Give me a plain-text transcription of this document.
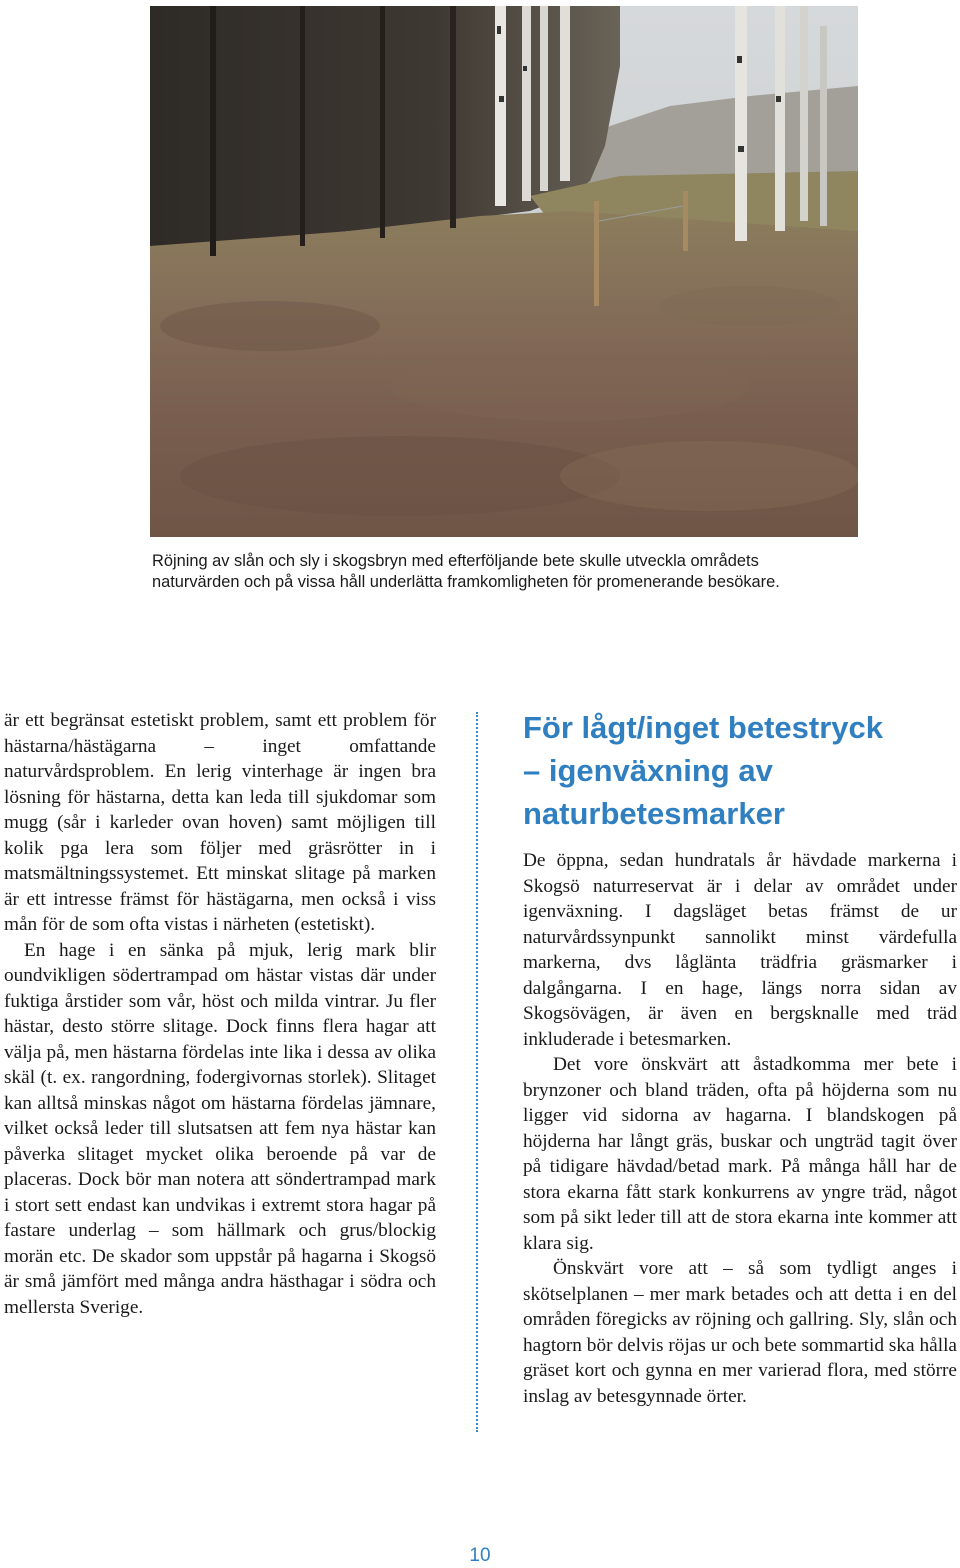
Röjning av slån och sly i skogsbryn med efterföljande bete skulle utveckla områdets

naturvärden och på vissa håll underlätta framkomligheten för promenerande besökare.

är ett begränsat estetiskt problem, samt ett problem för hästarna/hästägarna – inget omfattande naturvårdsproblem. En lerig vinterhage är ingen bra lösning för hästarna, detta kan leda till sjukdomar som mugg (sår i karleder ovan hoven) samt möjligen till kolik pga lera som följer med gräsrötter in i matsmältningssystemet. Ett minskat slitage på marken är ett intresse främst för hästägarna, men också i viss mån för de som ofta vistas i närheten (estetiskt).

En hage i en sänka på mjuk, lerig mark blir oundvikligen södertrampad om hästar vistas där under fuktiga årstider som vår, höst och milda vintrar. Ju fler hästar, desto större slitage. Dock finns flera hagar att välja på, men hästarna fördelas inte lika i dessa av olika skäl (t. ex. rangordning, fodergivornas storlek). Slitaget kan alltså minskas något om hästarna fördelas jämnare, vilket också leder till slutsatsen att fem nya hästar kan påverka slitaget mycket olika beroende på var de placeras. Dock bör man notera att söndertrampad mark i stort sett endast kan undvikas i extremt stora hagar på fastare underlag – som hällmark och grus/blockig morän etc. De skador som uppstår på hagarna i Skogsö är små jämfört med många andra hästhagar i södra och mellersta Sverige.

För lågt/inget betestryck
– igenväxning av
naturbetesmarker

De öppna, sedan hundratals år hävdade markerna i Skogsö naturreservat är i delar av området under igenväxning. I dagsläget betas främst de ur naturvårdssynpunkt sannolikt minst värdefulla markerna, dvs låglänta trädfria gräsmarker i dalgångarna. I en hage, längs norra sidan av Skogsövägen, är även en bergsknalle med träd inkluderade i betesmarken.

Det vore önskvärt att åstadkomma mer bete i brynzoner och bland träden, ofta på höjderna som nu ligger vid sidorna av hagarna. I blandskogen på höjderna har långt gräs, buskar och ungträd tagit över på tidigare hävdad/betad mark. På många håll har de stora ekarna fått stark konkurrens av yngre träd, något som på sikt leder till att de stora ekarna inte kommer att klara sig.

Önskvärt vore att – så som tydligt anges i skötselplanen – mer mark betades och att detta i en del områden föregicks av röjning och gallring. Sly, slån och hagtorn bör delvis röjas ur och bete sommartid ska hålla gräset kort och gynna en mer varierad flora, med större inslag av betesgynnade örter.

10
